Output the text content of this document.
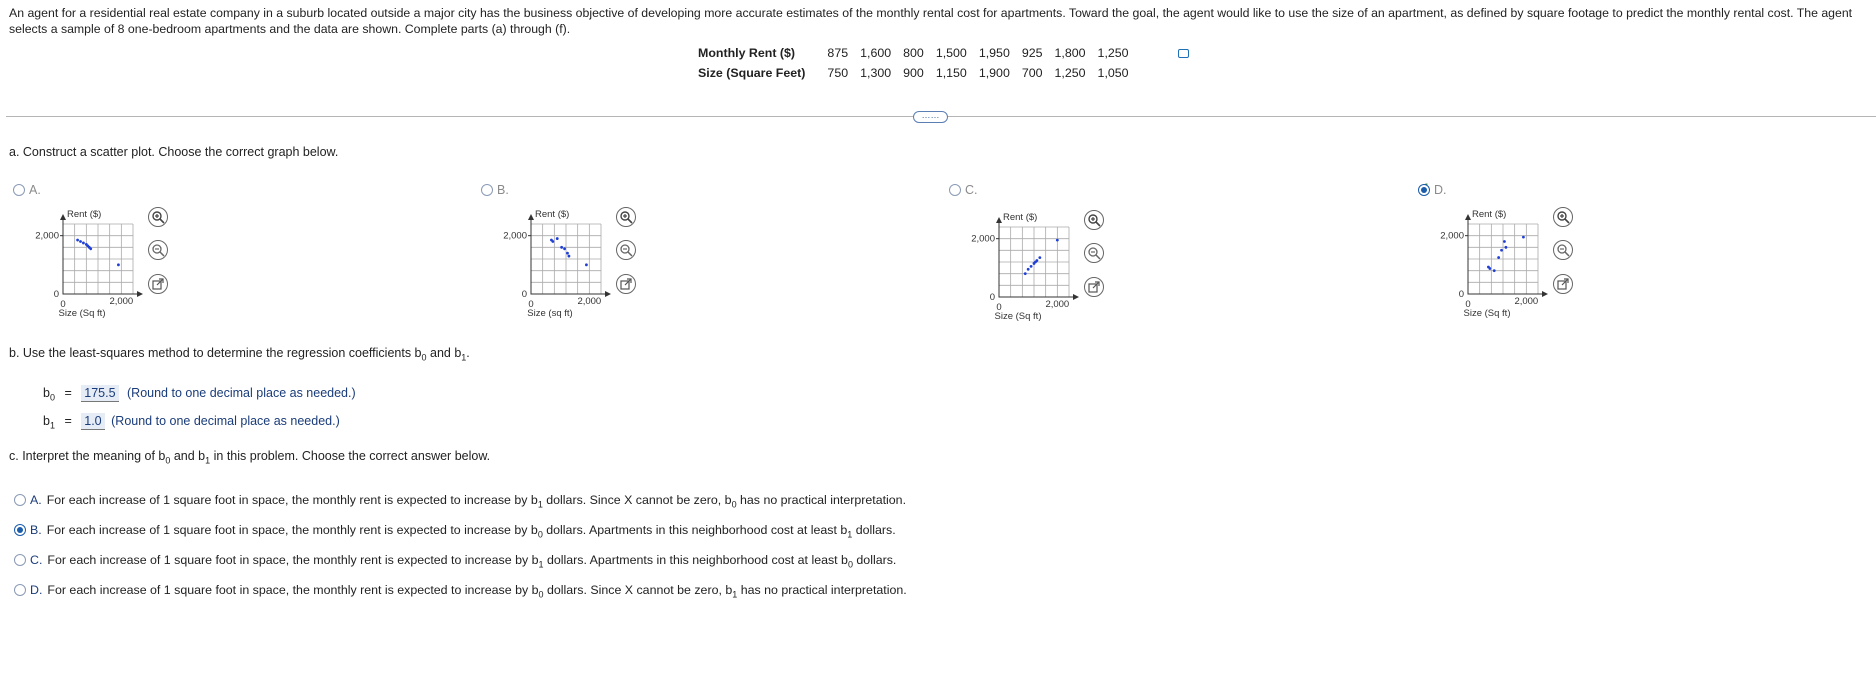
An agent for a residential real estate company in a suburb located outside a major city has the business objective of developing more accurate estimates of the monthly rental cost for apartments. Toward the goal, the agent would like to use the size of an apartment, as defined by square footage to predict the monthly rental cost. The agent selects a sample of 8 one-bedroom apartments and the data are shown. Complete parts (a) through (f).
Monthly Rent ($)	875	1,600	800	1,500	1,950	925	1,800	1,250
Size (Square Feet)	750	1,300	900	1,150	1,900	700	1,250	1,050
……
a. Construct a scatter plot. Choose the correct graph below.
A.
2,000
0
Rent ($)
0	2,000
Size (Sq ft)
B.
2,000
0
Rent ($)
0	2,000
Size (sq ft)
C.
2,000
0
Rent ($)
0	2,000
Size (Sq ft)
D.
2,000
0
Rent ($)
0	2,000
Size (Sq ft)
b. Use the least-squares method to determine the regression coefficients $b_0$ and $b_1$.
$b_0 = 175.5$ (Round to one decimal place as needed.)
$b_1 = 1.0$ (Round to one decimal place as needed.)
c. Interpret the meaning of $b_0$ and $b_1$ in this problem. Choose the correct answer below.
A. For each increase of 1 square foot in space, the monthly rent is expected to increase by $b_1$ dollars. Since X cannot be zero, $b_0$ has no practical interpretation.
B. For each increase of 1 square foot in space, the monthly rent is expected to increase by $b_0$ dollars. Apartments in this neighborhood cost at least $b_1$ dollars.
C. For each increase of 1 square foot in space, the monthly rent is expected to increase by $b_1$ dollars. Apartments in this neighborhood cost at least $b_0$ dollars.
D. For each increase of 1 square foot in space, the monthly rent is expected to increase by $b_0$ dollars. Since X cannot be zero, $b_1$ has no practical interpretation.
